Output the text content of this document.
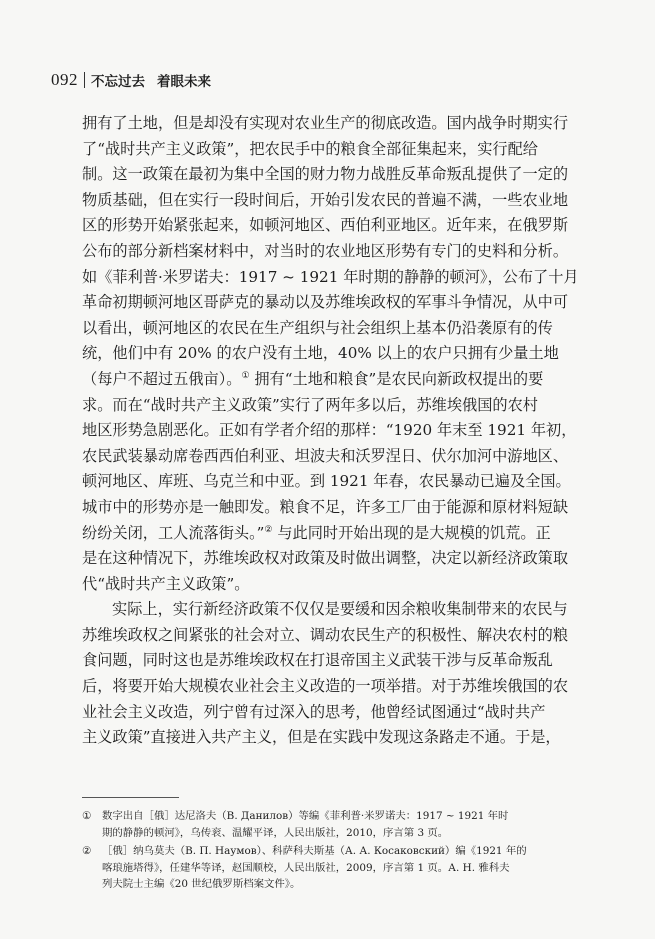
092 不忘过去 着眼未来
拥有了土地，但是却没有实现对农业生产的彻底改造。国内战争时期实行
了“战时共产主义政策”，把农民手中的粮食全部征集起来，实行配给
制。这一政策在最初为集中全国的财力物力战胜反革命叛乱提供了一定的
物质基础，但在实行一段时间后，开始引发农民的普遍不满，一些农业地
区的形势开始紧张起来，如顿河地区、西伯利亚地区。近年来，在俄罗斯
公布的部分新档案材料中，对当时的农业地区形势有专门的史料和分析。
如《菲利普·米罗诺夫：1917 ~ 1921 年时期的静静的顿河》，公布了十月
革命初期顿河地区哥萨克的暴动以及苏维埃政权的军事斗争情况，从中可
以看出，顿河地区的农民在生产组织与社会组织上基本仍沿袭原有的传
统，他们中有 20% 的农户没有土地，40% 以上的农户只拥有少量土地
（每户不超过五俄亩）。① 拥有“土地和粮食”是农民向新政权提出的要
求。而在“战时共产主义政策”实行了两年多以后，苏维埃俄国的农村
地区形势急剧恶化。正如有学者介绍的那样：“1920 年末至 1921 年初，
农民武装暴动席卷西西伯利亚、坦波夫和沃罗涅日、伏尔加河中游地区、
顿河地区、库班、乌克兰和中亚。到 1921 年春，农民暴动已遍及全国。
城市中的形势亦是一触即发。粮食不足，许多工厂由于能源和原材料短缺
纷纷关闭，工人流落街头。”② 与此同时开始出现的是大规模的饥荒。正
是在这种情况下，苏维埃政权对政策及时做出调整，决定以新经济政策取
代“战时共产主义政策”。
实际上，实行新经济政策不仅仅是要缓和因余粮收集制带来的农民与
苏维埃政权之间紧张的社会对立、调动农民生产的积极性、解决农村的粮
食问题，同时这也是苏维埃政权在打退帝国主义武装干涉与反革命叛乱
后，将要开始大规模农业社会主义改造的一项举措。对于苏维埃俄国的农
业社会主义改造，列宁曾有过深入的思考，他曾经试图通过“战时共产
主义政策”直接进入共产主义，但是在实践中发现这条路走不通。于是，
①	数字出自［俄］达尼洛夫（В. Данилов）等编《菲利普·米罗诺夫：1917 ~ 1921 年时
期的静静的顿河》，乌传衮、温耀平译，人民出版社，2010，序言第 3 页。
②	［俄］纳乌莫夫（В. П. Наумов）、科萨科夫斯基（А. А. Косаковский）编《1921 年的
喀琅施塔得》，任建华等译，赵国顺校，人民出版社，2009，序言第 1 页。А. Н. 雅科夫
列夫院士主编《20 世纪俄罗斯档案文件》。
